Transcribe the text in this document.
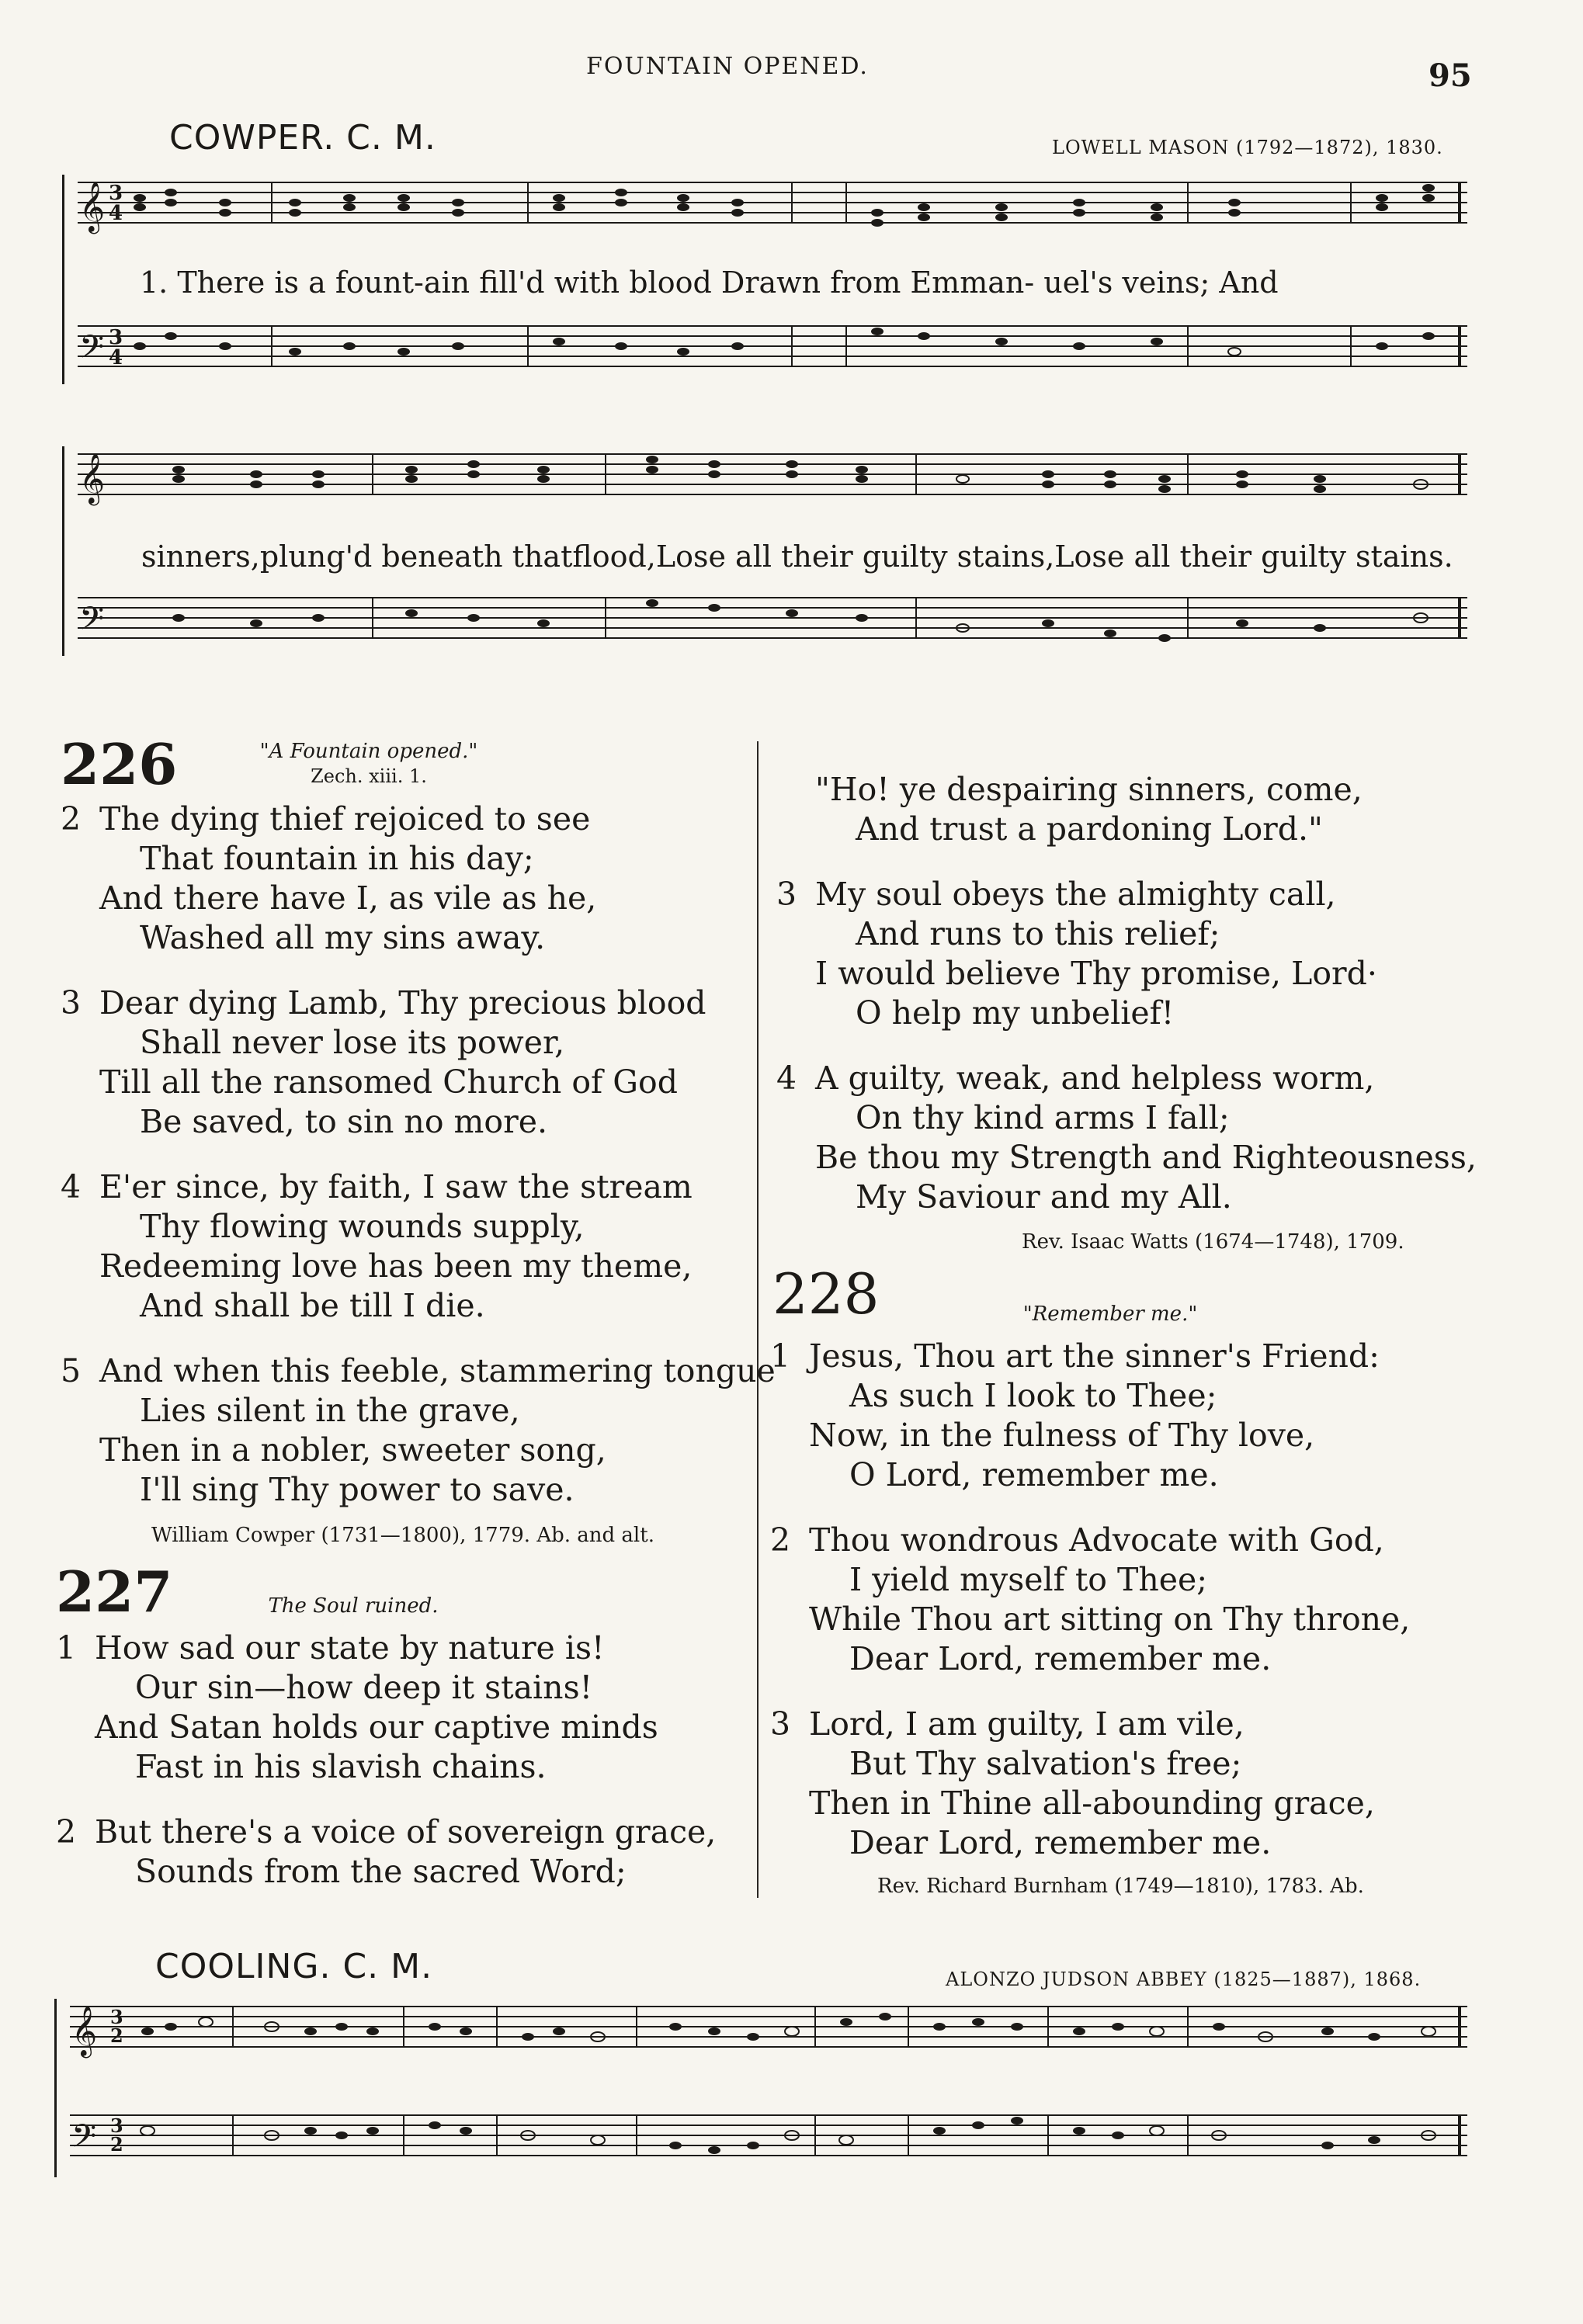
FOUNTAIN OPENED.	95
COWPER. C. M.	LOWELL MASON (1792—1872), 1830.
𝄞
𝄢
3
4
3
4
1. There is a fount-ain fill'd with blood Drawn from Emman- uel's veins; And
𝄞
𝄢
sinners,plung'd beneath thatflood,Lose all their guilty stains,Lose all their guilty stains.
226	"A Fountain opened."
Zech. xiii. 1.
2 The dying thief rejoiced to see
That fountain in his day;
And there have I, as vile as he,
Washed all my sins away.
3 Dear dying Lamb, Thy precious blood
Shall never lose its power,
Till all the ransomed Church of God
Be saved, to sin no more.
4 E'er since, by faith, I saw the stream
Thy flowing wounds supply,
Redeeming love has been my theme,
And shall be till I die.
5 And when this feeble, stammering tongue
Lies silent in the grave,
Then in a nobler, sweeter song,
I'll sing Thy power to save.
William Cowper (1731—1800), 1779. Ab. and alt.
227	The Soul ruined.
1 How sad our state by nature is!
Our sin—how deep it stains!
And Satan holds our captive minds
Fast in his slavish chains.
2 But there's a voice of sovereign grace,
Sounds from the sacred Word;
"Ho! ye despairing sinners, come,
And trust a pardoning Lord."
3 My soul obeys the almighty call,
And runs to this relief;
I would believe Thy promise, Lord·
O help my unbelief!
4 A guilty, weak, and helpless worm,
On thy kind arms I fall;
Be thou my Strength and Righteousness,
My Saviour and my All.
Rev. Isaac Watts (1674—1748), 1709.
228	"Remember me."
1 Jesus, Thou art the sinner's Friend:
As such I look to Thee;
Now, in the fulness of Thy love,
O Lord, remember me.
2 Thou wondrous Advocate with God,
I yield myself to Thee;
While Thou art sitting on Thy throne,
Dear Lord, remember me.
3 Lord, I am guilty, I am vile,
But Thy salvation's free;
Then in Thine all-abounding grace,
Dear Lord, remember me.
Rev. Richard Burnham (1749—1810), 1783. Ab.
COOLING. C. M.	ALONZO JUDSON ABBEY (1825—1887), 1868.
𝄞
𝄢
3
2
3
2
